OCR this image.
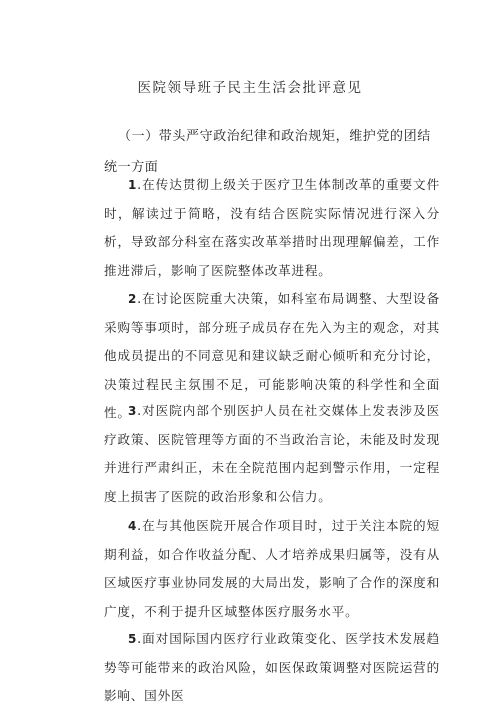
医院领导班子民主生活会批评意见
（一）带头严守政治纪律和政治规矩，维护党的团结统一方面
1.在传达贯彻上级关于医疗卫生体制改革的重要文件时，解读过于简略，没有结合医院实际情况进行深入分析，导致部分科室在落实改革举措时出现理解偏差，工作推进滞后，影响了医院整体改革进程。
2.在讨论医院重大决策，如科室布局调整、大型设备采购等事项时，部分班子成员存在先入为主的观念，对其他成员提出的不同意见和建议缺乏耐心倾听和充分讨论，决策过程民主氛围不足，可能影响决策的科学性和全面性。
3.对医院内部个别医护人员在社交媒体上发表涉及医疗政策、医院管理等方面的不当政治言论，未能及时发现并进行严肃纠正，未在全院范围内起到警示作用，一定程度上损害了医院的政治形象和公信力。
4.在与其他医院开展合作项目时，过于关注本院的短期利益，如合作收益分配、人才培养成果归属等，没有从区域医疗事业协同发展的大局出发，影响了合作的深度和广度，不利于提升区域整体医疗服务水平。
5.面对国际国内医疗行业政策变化、医学技术发展趋势等可能带来的政治风险，如医保政策调整对医院运营的影响、国外医
